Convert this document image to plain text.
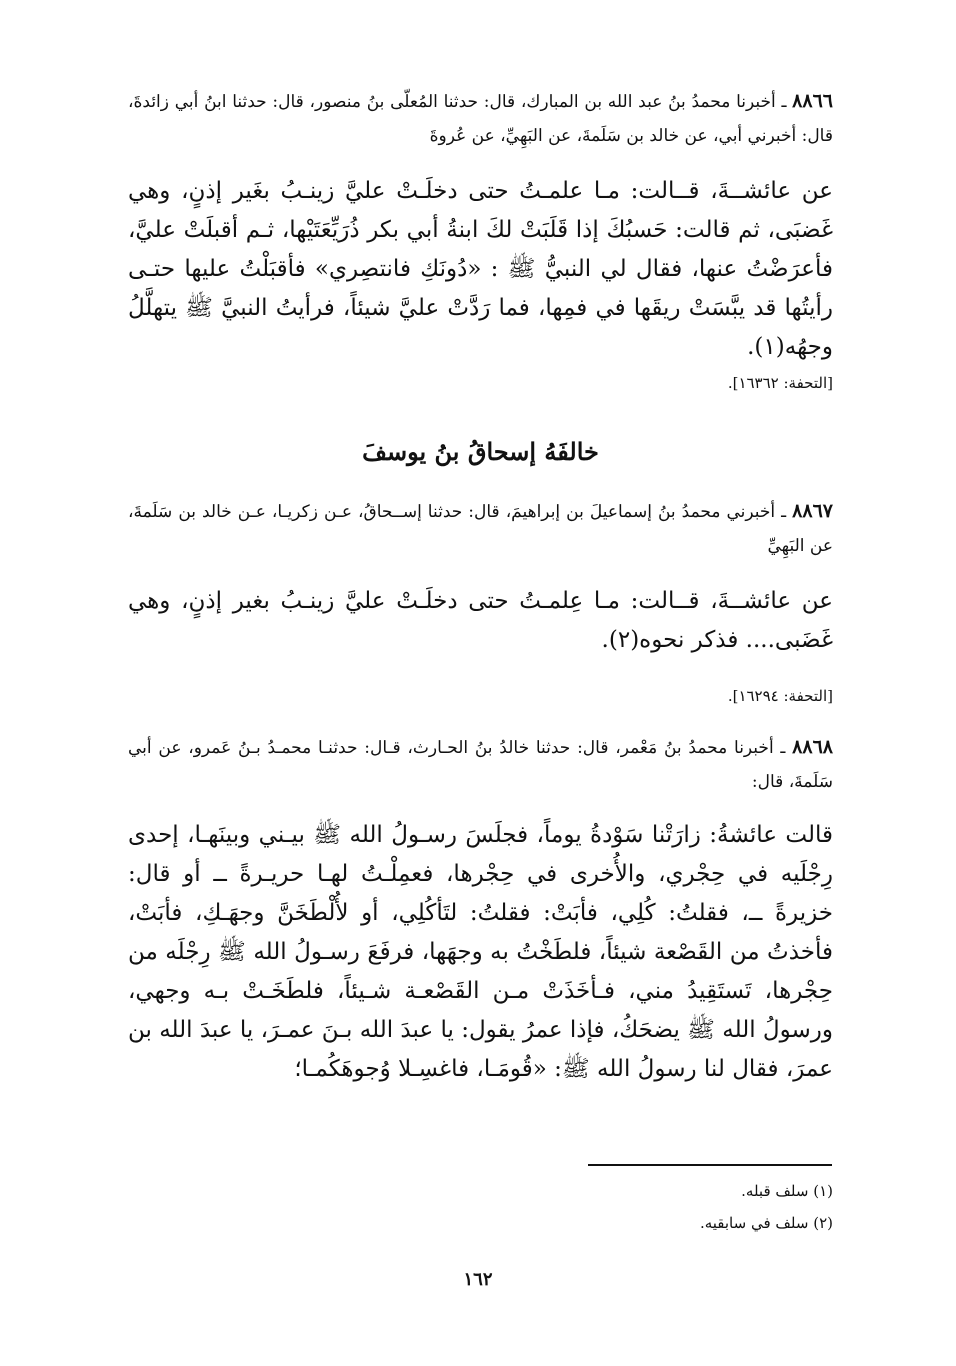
٨٨٦٦ ـ أخبرنا محمدُ بنُ عبد الله بن المبارك، قال: حدثنا المُعلّى بنُ منصور، قال: حدثنا ابنُ أبي زائدةَ، قال: أخبرني أبي، عن خالد بن سَلَمةَ، عن البَهِيِّ، عن عُروةَ
عن عائشــةَ، قــالت: مـا علمـتُ حتى دخلَـتْ عليَّ زينـبُ بغَير إذنٍ، وهي غَضبَى، ثم قالت: حَسبُكَ إذا قَلَبَتْ لكَ ابنةُ أبي بكر ذُرَيِّعَتَيْها، ثـم أقبلَتْ عليَّ، فأعرَضْتُ عنها، فقال لي النبيُّ ﷺ : «دُونَكِ فانتصِري» فأقبَلْتُ عليها حتـى رأيتُها قد يبَّسَتْ ريقَها في فمِها، فما رَدَّتْ عليَّ شيئاً، فرأيتُ النبيَّ ﷺ يتهلَّلُ وجهُه(١).
[التحفة: ١٦٣٦٢].
خالفَهُ إسحاقُ بنُ يوسفَ
٨٨٦٧ ـ أخبرني محمدُ بنُ إسماعيلَ بن إبراهيمَ، قال: حدثنا إســحاقُ، عـن زكريـا، عـن خالد بن سَلَمةَ، عن البَهِيِّ
عن عائشــةَ، قــالت: مـا عِلمـتُ حتى دخلَـتْ عليَّ زينـبُ بغير إذنٍ، وهي غَضَبى.... فذكر نحوه(٢).
[التحفة: ١٦٢٩٤].
٨٨٦٨ ـ أخبرنا محمدُ بنُ مَعْمر، قال: حدثنا خالدُ بنُ الحـارث، قـال: حدثنـا محمـدُ بـنُ عَمرو، عن أبي سَلَمةَ، قال:
قالت عائشةُ: زارَتْنا سَوْدةُ يوماً، فجلَسَ رسـولُ الله ﷺ بيـني وبينَهـا، إحدى رِجْلَيه في حِجْري، والأُخرى في حِجْرها، فعمِلْـتُ لهـا حريـرةً ــ أو قال: خزيرةً ــ، فقلتُ: كُلِي، فأبَتْ: فقلتُ: لتَأكُلِي، أو لأُلْطَخَنَّ وجهَـكِ، فأبَتْ، فأخذتُ من القَصْعة شيئاً، فلطَخْتُ به وجهَها، فرفَعَ رسـولُ الله ﷺ رِجْلَه من حِجْرها، تَستَقِيدُ مني، فـأخَذَتْ مـن القَصْعـة شـيئاً، فلطَخَـتْ بـه وجهي، ورسولُ الله ﷺ يضحَكُ، فإذا عمرُ يقول: يا عبدَ الله بـنَ عمـرَ، يا عبدَ الله بن عمرَ، فقال لنا رسولُ الله ﷺ: «قُومَـا، فاغسِـلا وُجوهَكُمـا؛
(١) سلف قبله.
(٢) سلف في سابقيه.
١٦٢
